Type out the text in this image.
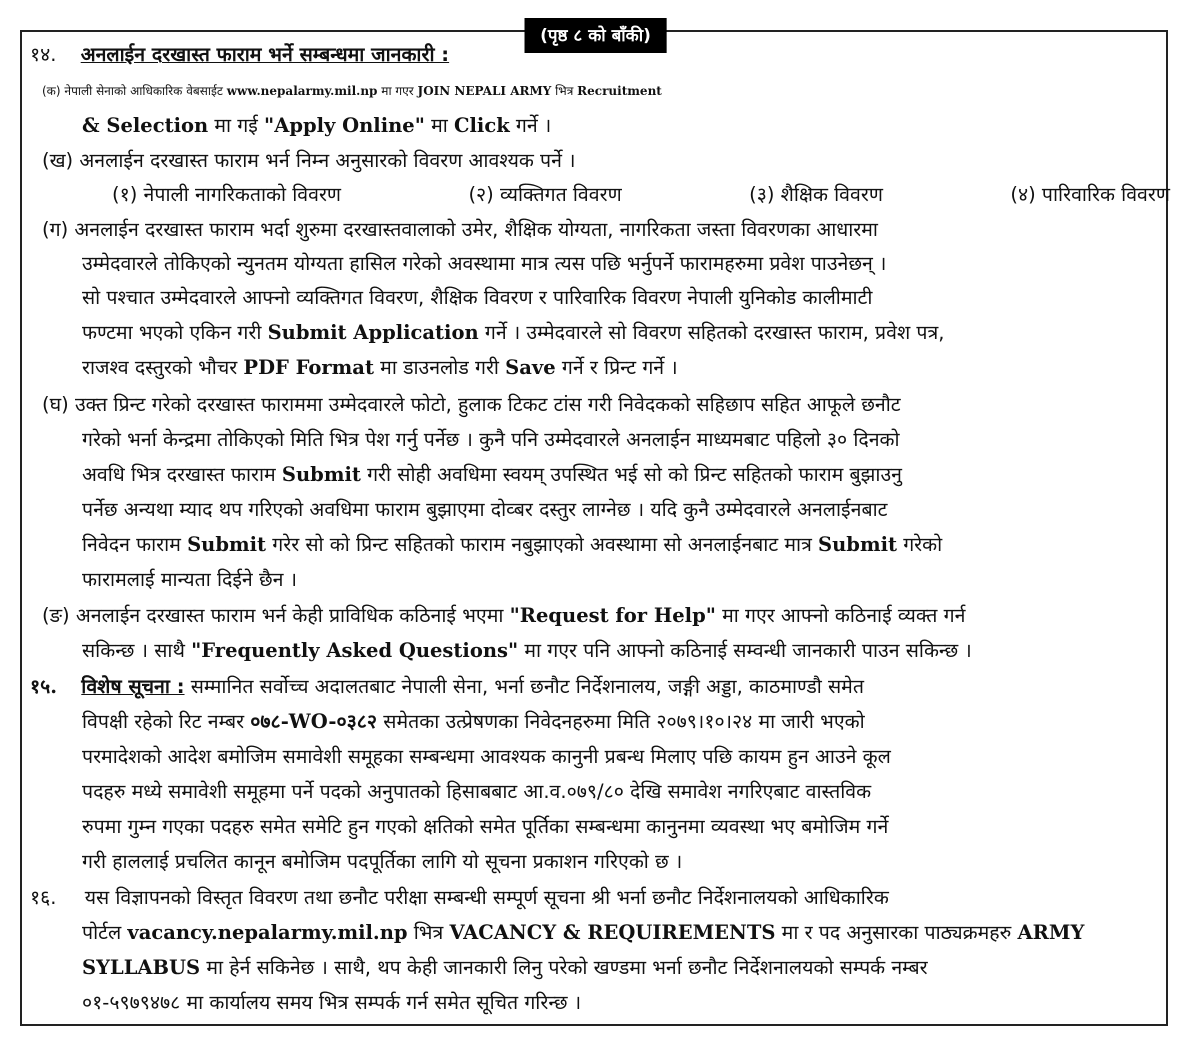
(पृष्ठ ८ को बाँकी)
१४. अनलाईन दरखास्त फाराम भर्ने सम्बन्धमा जानकारी :
(क) नेपाली सेनाको आधिकारिक वेबसाईट www.nepalarmy.mil.np मा गएर JOIN NEPALI ARMY भित्र Recruitment
& Selection मा गई "Apply Online" मा Click गर्ने ।
(ख) अनलाईन दरखास्त फाराम भर्न निम्न अनुसारको विवरण आवश्यक पर्ने ।
(१) नेपाली नागरिकताको विवरण	(२) व्यक्तिगत विवरण	(३) शैक्षिक विवरण	(४) पारिवारिक विवरण
(ग) अनलाईन दरखास्त फाराम भर्दा शुरुमा दरखास्तवालाको उमेर, शैक्षिक योग्यता, नागरिकता जस्ता विवरणका आधारमा
उम्मेदवारले तोकिएको न्युनतम योग्यता हासिल गरेको अवस्थामा मात्र त्यस पछि भर्नुपर्ने फारामहरुमा प्रवेश पाउनेछन् ।
सो पश्चात उम्मेदवारले आफ्नो व्यक्तिगत विवरण, शैक्षिक विवरण र पारिवारिक विवरण नेपाली युनिकोड कालीमाटी
फण्टमा भएको एकिन गरी Submit Application गर्ने । उम्मेदवारले सो विवरण सहितको दरखास्त फाराम, प्रवेश पत्र,
राजश्व दस्तुरको भौचर PDF Format मा डाउनलोड गरी Save गर्ने र प्रिन्ट गर्ने ।
(घ) उक्त प्रिन्ट गरेको दरखास्त फाराममा उम्मेदवारले फोटो, हुलाक टिकट टांस गरी निवेदकको सहिछाप सहित आफूले छनौट
गरेको भर्ना केन्द्रमा तोकिएको मिति भित्र पेश गर्नु पर्नेछ । कुनै पनि उम्मेदवारले अनलाईन माध्यमबाट पहिलो ३० दिनको
अवधि भित्र दरखास्त फाराम Submit गरी सोही अवधिमा स्वयम् उपस्थित भई सो को प्रिन्ट सहितको फाराम बुझाउनु
पर्नेछ अन्यथा म्याद थप गरिएको अवधिमा फाराम बुझाएमा दोव्बर दस्तुर लाग्नेछ । यदि कुनै उम्मेदवारले अनलाईनबाट
निवेदन फाराम Submit गरेर सो को प्रिन्ट सहितको फाराम नबुझाएको अवस्थामा सो अनलाईनबाट मात्र Submit गरेको
फारामलाई मान्यता दिईने छैन ।
(ङ) अनलाईन दरखास्त फाराम भर्न केही प्राविधिक कठिनाई भएमा "Request for Help" मा गएर आफ्नो कठिनाई व्यक्त गर्न
सकिन्छ । साथै "Frequently Asked Questions" मा गएर पनि आफ्नो कठिनाई सम्वन्धी जानकारी पाउन सकिन्छ ।
१५. विशेष सूचना : सम्मानित सर्वोच्च अदालतबाट नेपाली सेना, भर्ना छनौट निर्देशनालय, जङ्गी अड्डा, काठमाण्डौ समेत
विपक्षी रहेको रिट नम्बर ०७८-WO-०३८२ समेतका उत्प्रेषणका निवेदनहरुमा मिति २०७९।१०।२४ मा जारी भएको
परमादेशको आदेश बमोजिम समावेशी समूहका सम्बन्धमा आवश्यक कानुनी प्रबन्ध मिलाए पछि कायम हुन आउने कूल
पदहरु मध्ये समावेशी समूहमा पर्ने पदको अनुपातको हिसाबबाट आ.व.०७९/८० देखि समावेश नगरिएबाट वास्तविक
रुपमा गुम्न गएका पदहरु समेत समेटि हुन गएको क्षतिको समेत पूर्तिका सम्बन्धमा कानुनमा व्यवस्था भए बमोजिम गर्ने
गरी हाललाई प्रचलित कानून बमोजिम पदपूर्तिका लागि यो सूचना प्रकाशन गरिएको छ ।
१६. यस विज्ञापनको विस्तृत विवरण तथा छनौट परीक्षा सम्बन्धी सम्पूर्ण सूचना श्री भर्ना छनौट निर्देशनालयको आधिकारिक
पोर्टल vacancy.nepalarmy.mil.np भित्र VACANCY & REQUIREMENTS मा र पद अनुसारका पाठ्यक्रमहरु ARMY
SYLLABUS मा हेर्न सकिनेछ । साथै, थप केही जानकारी लिनु परेको खण्डमा भर्ना छनौट निर्देशनालयको सम्पर्क नम्बर
०१-५९७९४७८ मा कार्यालय समय भित्र सम्पर्क गर्न समेत सूचित गरिन्छ ।
